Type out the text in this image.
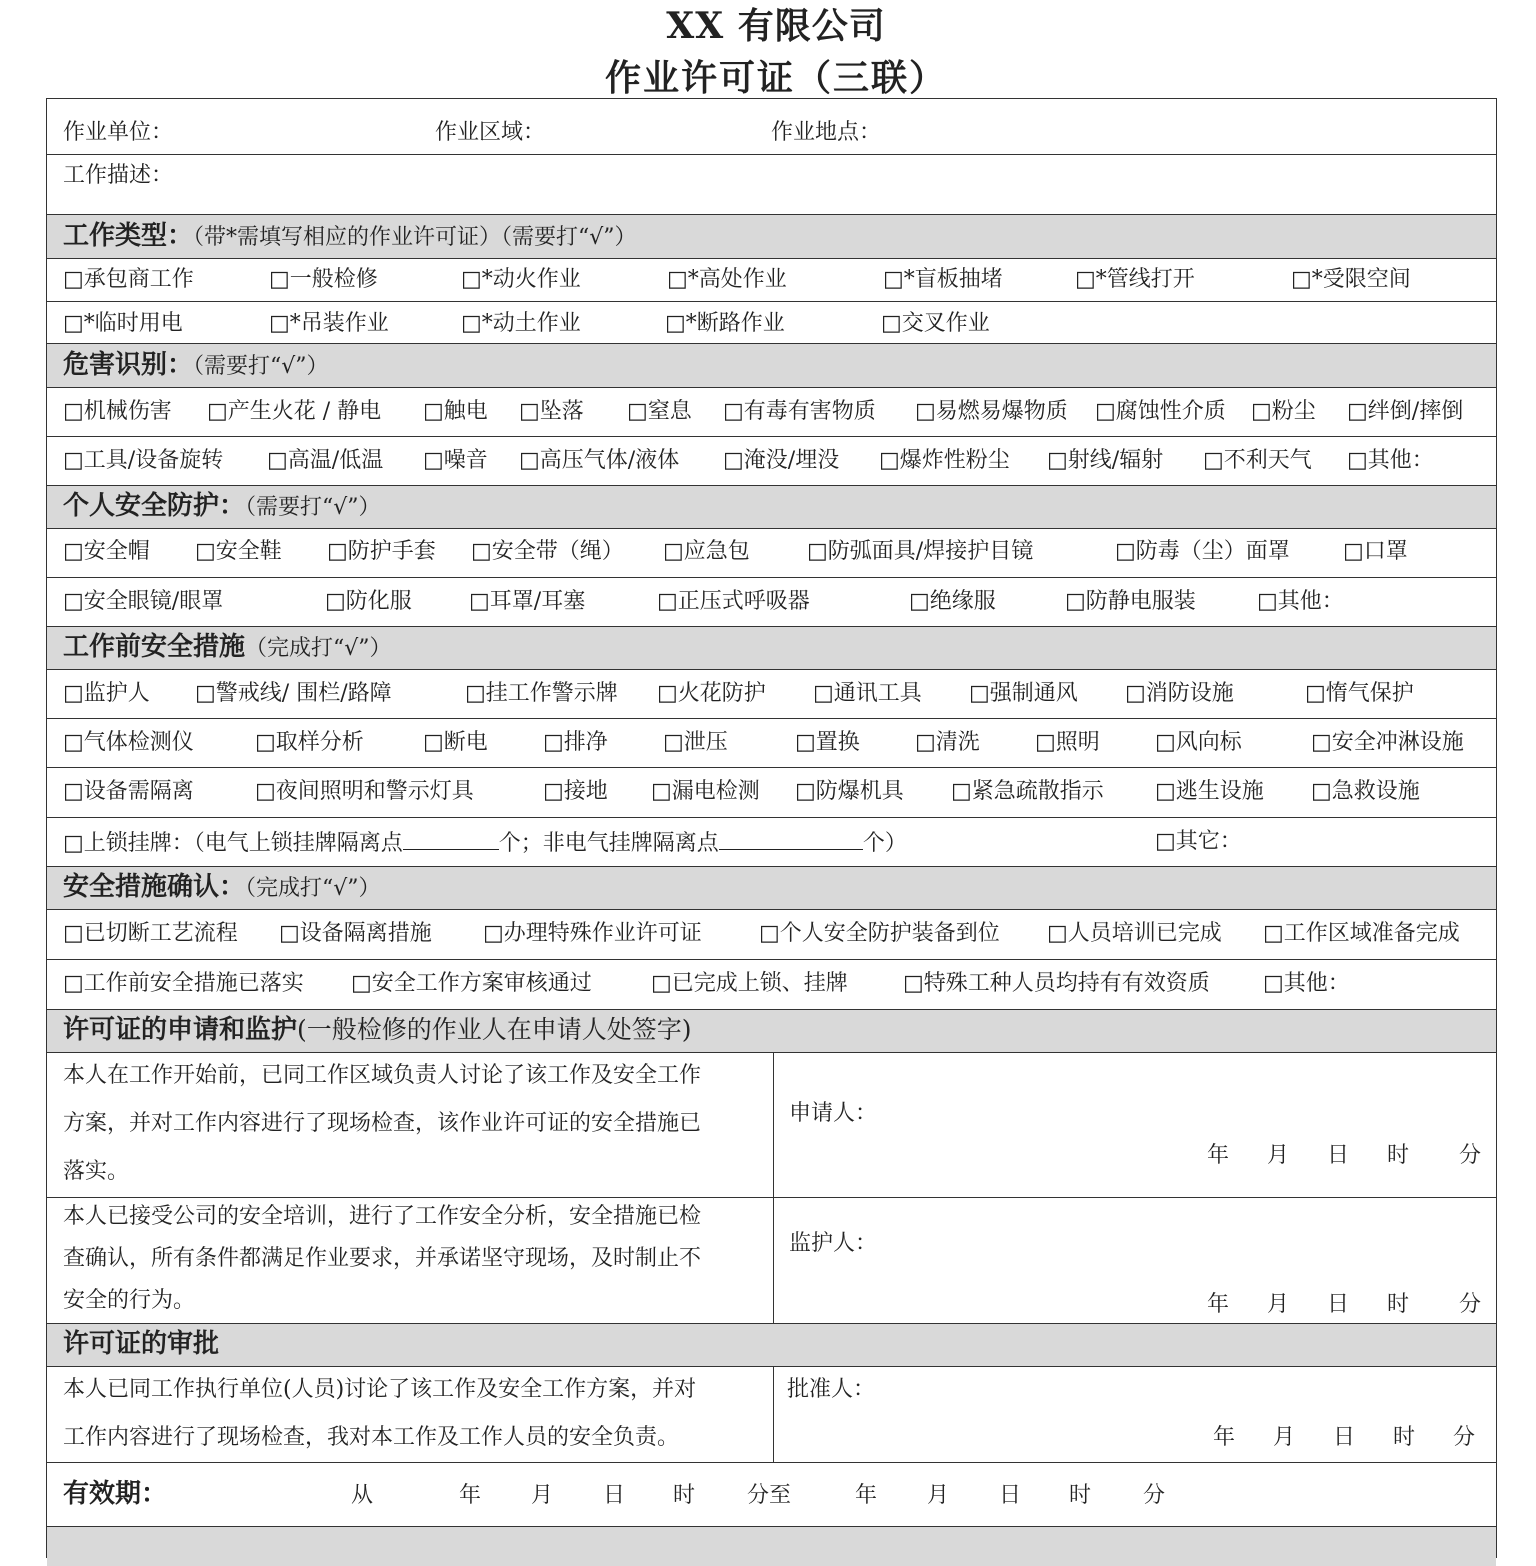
XX 有限公司
作业许可证（三联）
作业单位：	作业区域：	作业地点：
工作描述：
工作类型：（带*需填写相应的作业许可证）（需要打“√”）
□承包商工作	□一般检修	□*动火作业	□*高处作业	□*盲板抽堵	□*管线打开	□*受限空间
□*临时用电	□*吊装作业	□*动土作业	□*断路作业	□交叉作业
危害识别：（需要打“√”）
□机械伤害 □产生火花 / 静电 □触电 □坠落 □窒息 □有毒有害物质 □易燃易爆物质 □腐蚀性介质 □粉尘 □绊倒/摔倒
□工具/设备旋转 □高温/低温 □噪音 □高压气体/液体 □淹没/埋没 □爆炸性粉尘 □射线/辐射 □不利天气 □其他：
个人安全防护：（需要打“√”）
□安全帽 □安全鞋 □防护手套 □安全带（绳） □应急包	□防弧面具/焊接护目镜	□防毒（尘）面罩 □口罩
□安全眼镜/眼罩	□防化服	□耳罩/耳塞	□正压式呼吸器	□绝缘服	□防静电服装	□其他：
工作前安全措施（完成打“√”）
□监护人 □警戒线/ 围栏/路障	□挂工作警示牌 □火花防护 □通讯工具 □强制通风 □消防设施	□惰气保护
□气体检测仪	□取样分析	□断电	□排净	□泄压	□置换	□清洗	□照明	□风向标	□安全冲淋设施
□设备需隔离	□夜间照明和警示灯具	□接地 □漏电检测 □防爆机具 □紧急疏散指示 □逃生设施 □急救设施
□上锁挂牌：（电气上锁挂牌隔离点	个；非电气挂牌隔离点	个）	□其它：
安全措施确认：（完成打“√”）
□已切断工艺流程 □设备隔离措施 □办理特殊作业许可证	□个人安全防护装备到位 □人员培训已完成 □工作区域准备完成
□工作前安全措施已落实 □安全工作方案审核通过	□已完成上锁、挂牌	□特殊工种人员均持有有效资质 □其他：
许可证的申请和监护(一般检修的作业人在申请人处签字)
本人在工作开始前，已同工作区域负责人讨论了该工作及安全工作
方案，并对工作内容进行了现场检查，该作业许可证的安全措施已
落实。
申请人：
年 月 日 时 分
本人已接受公司的安全培训，进行了工作安全分析，安全措施已检
查确认，所有条件都满足作业要求，并承诺坚守现场，及时制止不
安全的行为。
监护人：
年 月 日 时 分
许可证的审批
本人已同工作执行单位(人员)讨论了该工作及安全工作方案，并对
工作内容进行了现场检查，我对本工作及工作人员的安全负责。
批准人：
年 月 日 时 分
有效期：	从	年 月 日 时 分至	年 月 日 时 分
